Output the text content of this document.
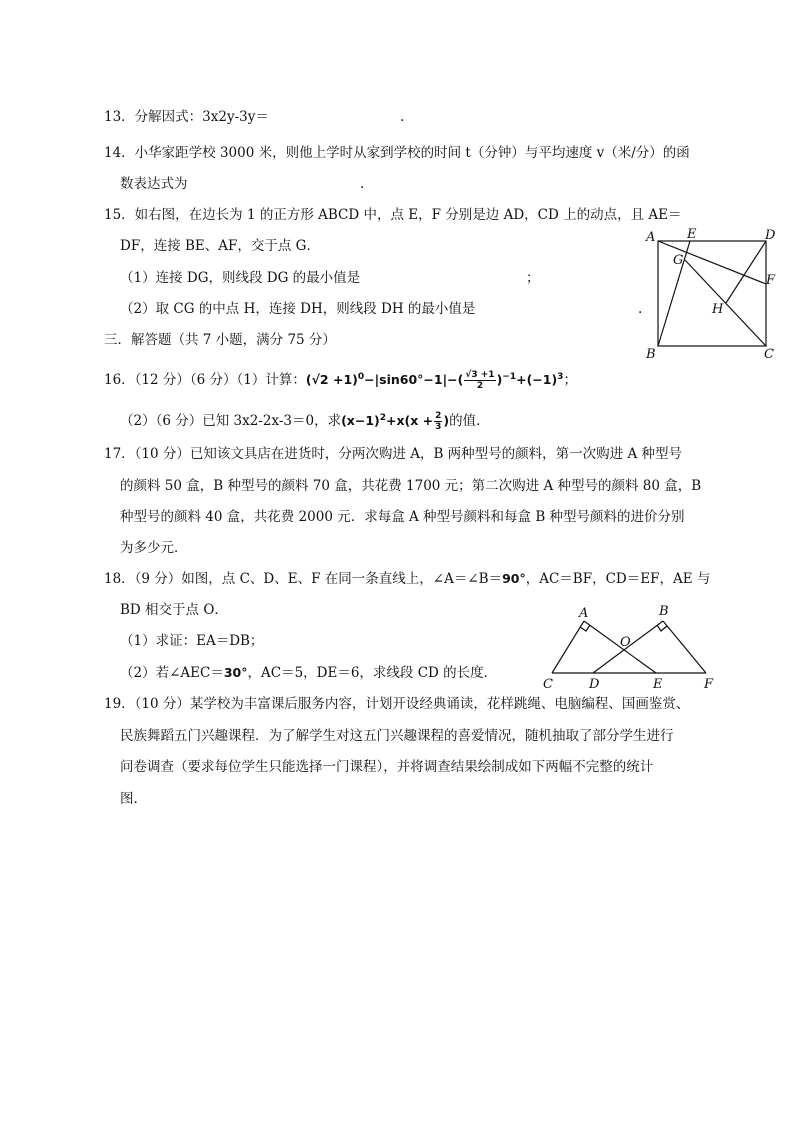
13．分解因式：3x2y-3y＝	.
14．小华家距学校 3000 米，则他上学时从家到学校的时间 t（分钟）与平均速度 v（米/分）的函
数表达式为	.
15．如右图，在边长为 1 的正方形 ABCD 中，点 E，F 分别是边 AD，CD 上的动点，且 AE＝
DF，连接 BE、AF，交于点 G．
（1）连接 DG，则线段 DG 的最小值是	；
（2）取 CG 的中点 H，连接 DH，则线段 DH 的最小值是	.
A E	D
G
F
H
B	C
三．解答题（共 7 小题，满分 75 分）
16．（12 分）（6 分）（1）计算：$(√2 +1)^0-|\sin 60^\circ-1|-( \frac{√3 +1}{2} )^{-1}+(-1)^3$；
（2）（6 分）已知 3x2-2x-3＝0，求$(x-1)^2+x(x + \frac{2}{3}$ )的值．
17．（10 分）已知该文具店在进货时，分两次购进 A，B 两种型号的颜料，第一次购进 A 种型号
的颜料 50 盒，B 种型号的颜料 70 盒，共花费 1700 元；第二次购进 A 种型号的颜料 80 盒，B
种型号的颜料 40 盒，共花费 2000 元．求每盒 A 种型号颜料和每盒 B 种型号颜料的进价分别
为多少元．
18．（9 分）如图，点 C、D、E、F 在同一条直线上，∠A＝∠B＝90°，AC＝BF，CD＝EF，AE 与
BD 相交于点 O．
（1）求证：EA＝DB；
（2）若∠AEC＝30°，AC＝5，DE＝6，求线段 CD 的长度．
A	B
O
C	D	E	F
19．（10 分）某学校为丰富课后服务内容，计划开设经典诵读，花样跳绳、电脑编程、国画鉴赏、
民族舞蹈五门兴趣课程．为了解学生对这五门兴趣课程的喜爱情况，随机抽取了部分学生进行
问卷调查（要求每位学生只能选择一门课程），并将调查结果绘制成如下两幅不完整的统计
图.
